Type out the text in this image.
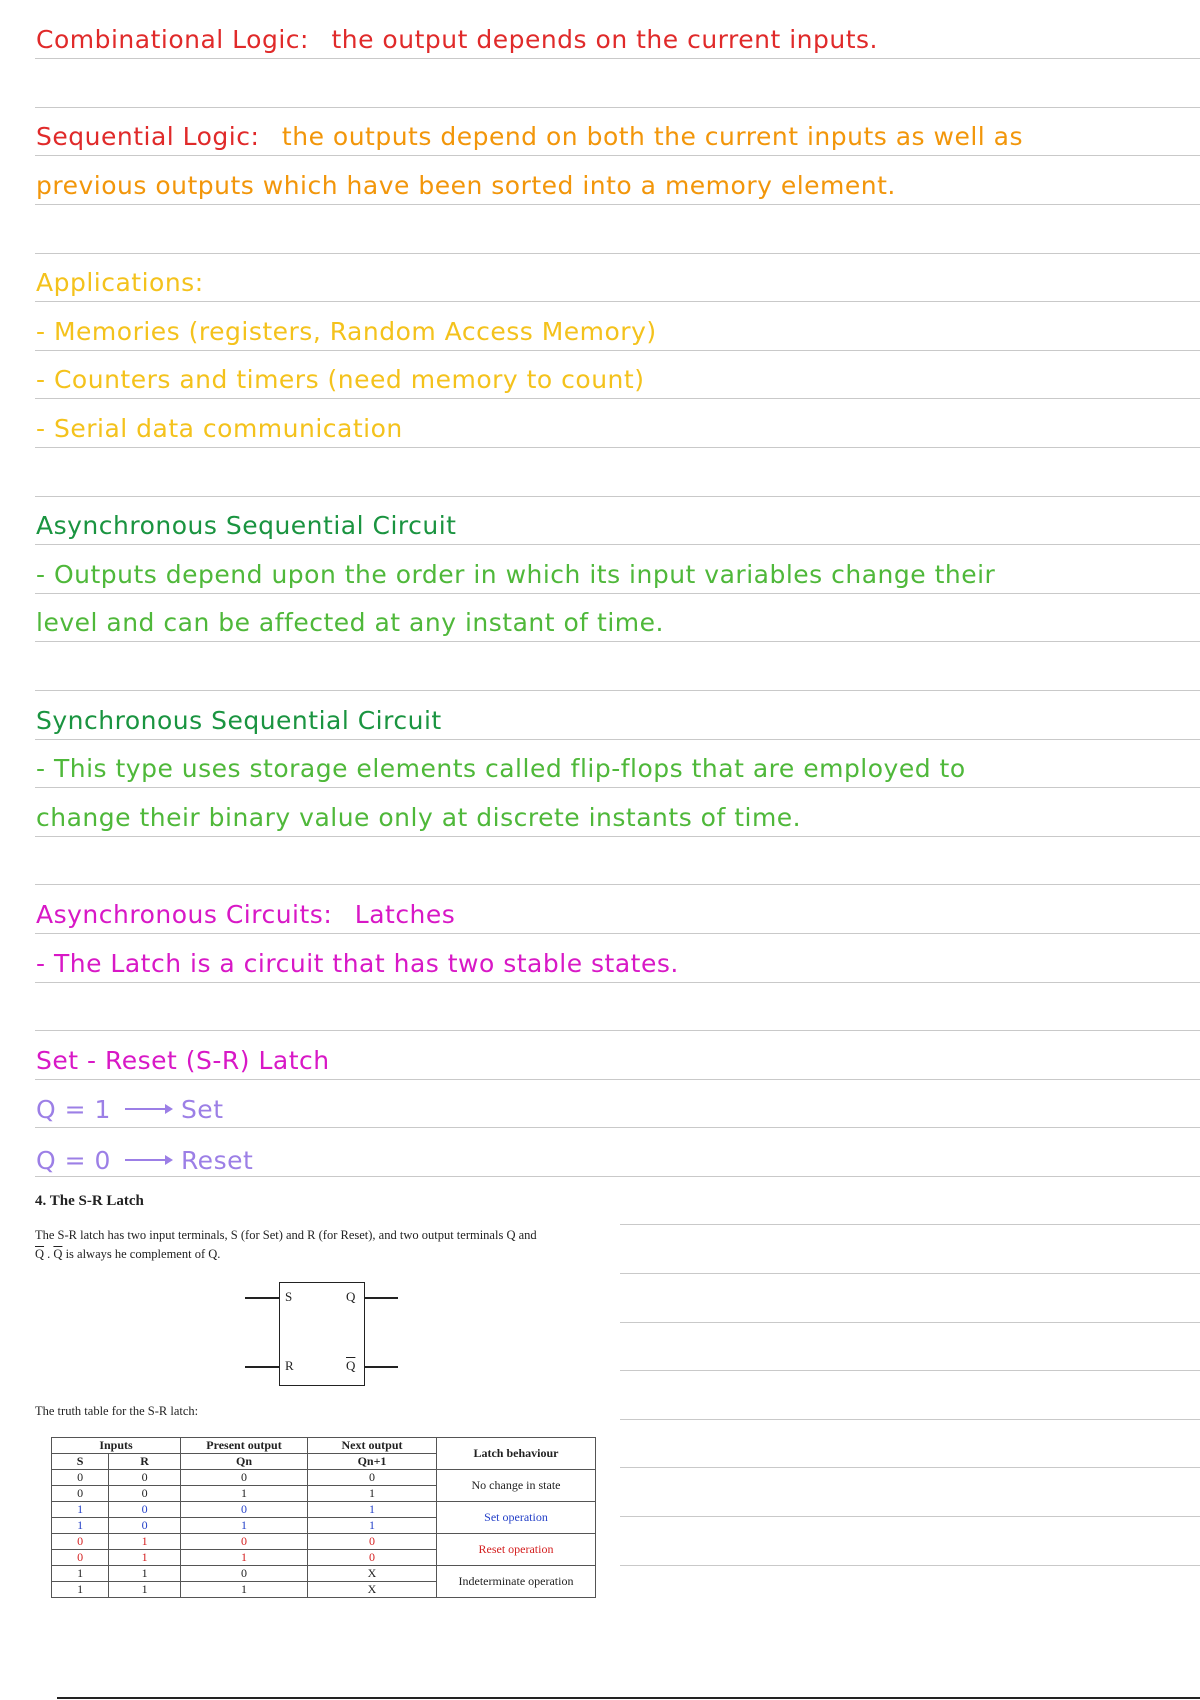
Combinational Logic: the output depends on the current inputs.
Sequential Logic: the outputs depend on both the current inputs as well as
previous outputs which have been sorted into a memory element.
Applications:
- Memories (registers, Random Access Memory)
- Counters and timers (need memory to count)
- Serial data communication
Asynchronous Sequential Circuit
- Outputs depend upon the order in which its input variables change their
level and can be affected at any instant of time.
Synchronous Sequential Circuit
- This type uses storage elements called flip-flops that are employed to
change their binary value only at discrete instants of time.
Asynchronous Circuits: Latches
- The Latch is a circuit that has two stable states.
Set - Reset (S-R) Latch
Q = 1	Set
Q = 0	Reset
4. The S-R Latch
The S-R latch has two input terminals, S (for Set) and R (for Reset), and two output terminals Q and
$\overline{Q}$ . $\overline{Q}$ is always he complement of Q.
S
R
Q
$\overline{Q}$
The truth table for the S-R latch:
Inputs		Present output	Next output	Latch behaviour
S	R	Qn	Qn+1	
0	0	0	0	No change in state
0	0	1	1	
1	0	0	1	Set operation
1	0	1	1	
0	1	0	0	Reset operation
0	1	1	0	
1	1	0	X	Indeterminate operation
1	1	1	X	
